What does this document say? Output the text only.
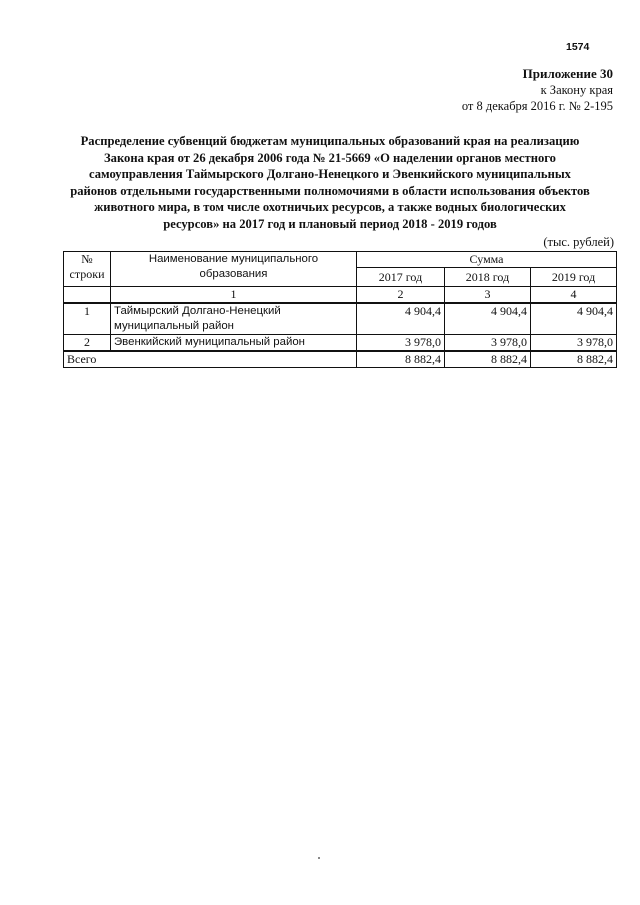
1574
Приложение 30
к Закону края
от 8 декабря 2016 г. № 2-195
Распределение субвенций бюджетам муниципальных образований края на реализацию
Закона края от 26 декабря 2006 года № 21-5669 «О наделении органов местного
самоуправления Таймырского Долгано-Ненецкого и Эвенкийского муниципальных
районов отдельными государственными полномочиями в области использования объектов
животного мира, в том числе охотничьих ресурсов, а также водных биологических
ресурсов» на 2017 год и плановый период 2018 - 2019 годов
(тыс. рублей)
№
строки	Наименование муниципального образования	Сумма		
		2017 год	2018 год	2019 год
	1	2	3	4
1	Таймырский Долгано-Ненецкий муниципальный район	4 904,4	4 904,4	4 904,4
2	Эвенкийский муниципальный район	3 978,0	3 978,0	3 978,0
Всего		8 882,4	8 882,4	8 882,4
